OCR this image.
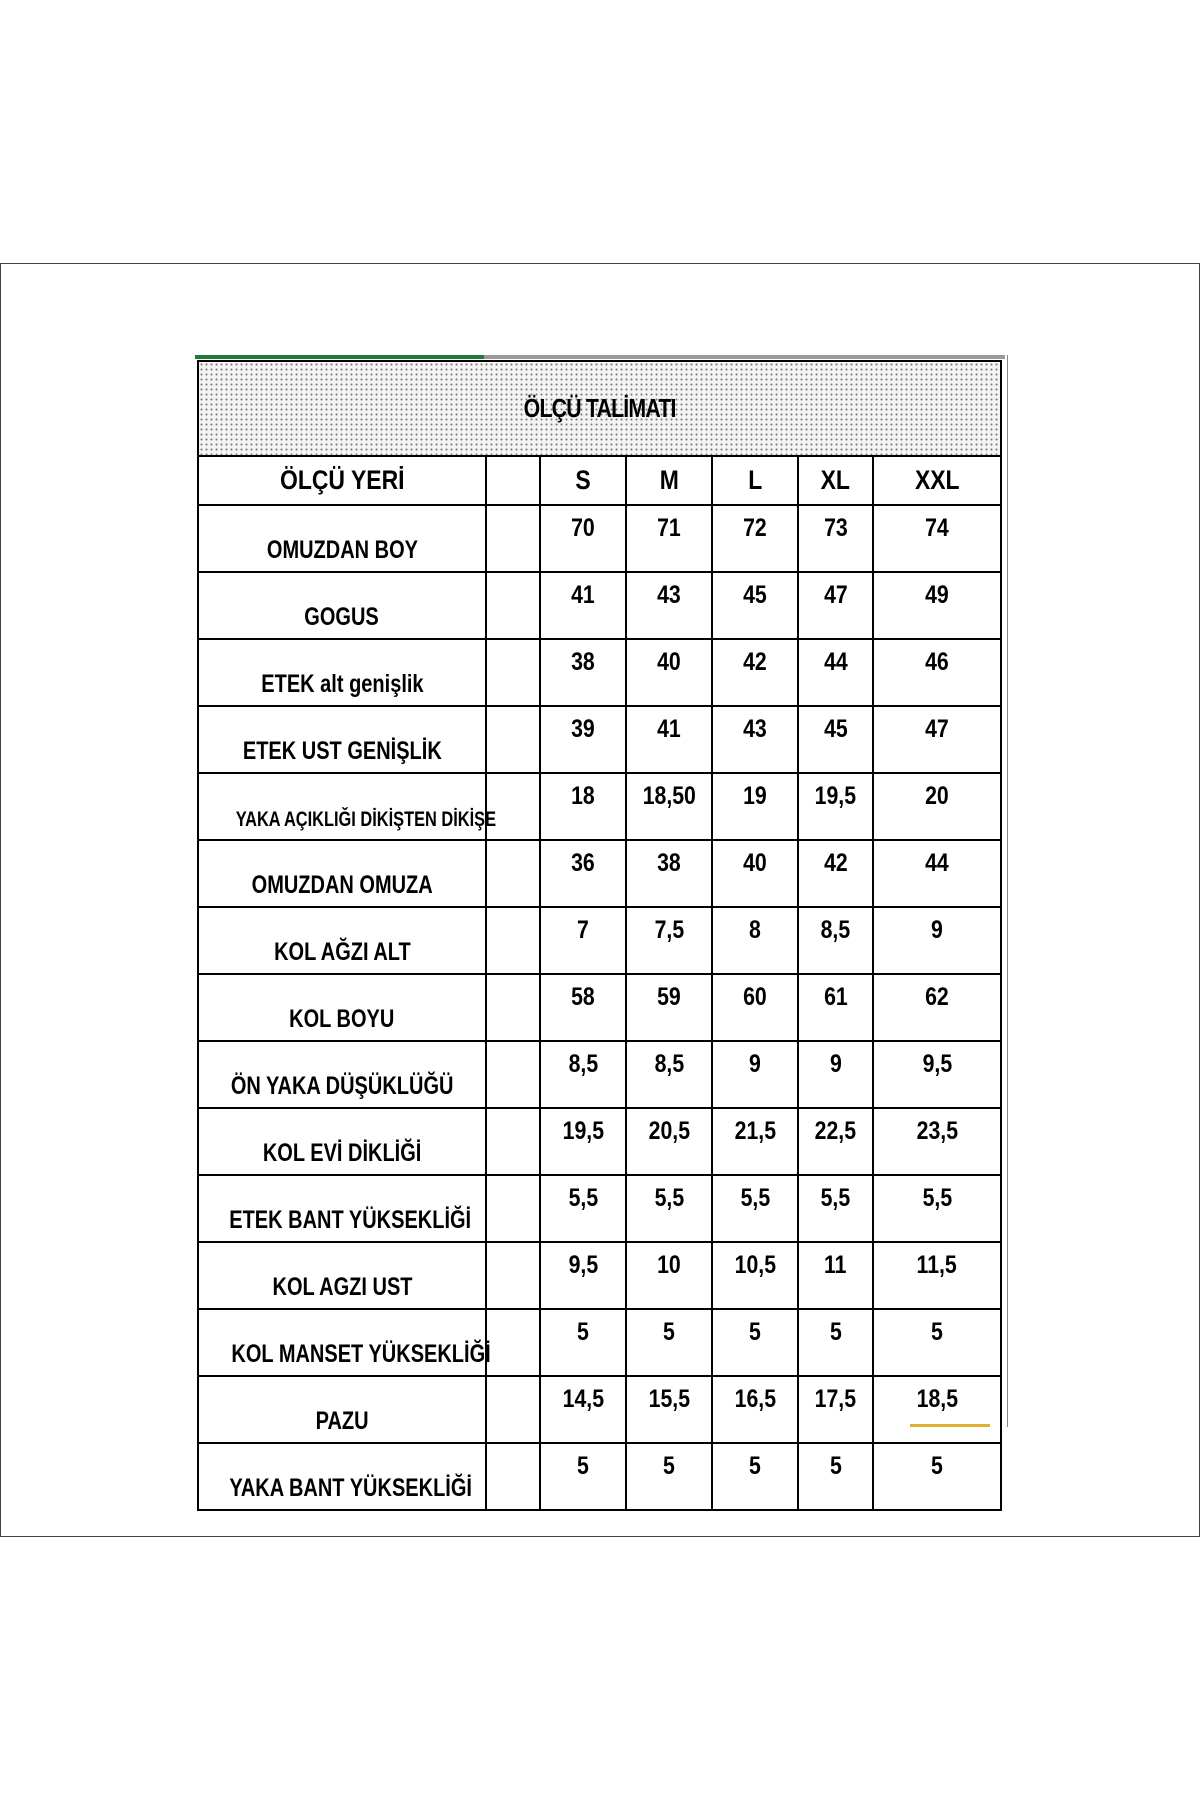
ÖLÇÜ TALİMATI						
ÖLÇÜ YERİ		S	M	L	XL	XXL
OMUZDAN BOY		70	71	72	73	74
GOGUS		41	43	45	47	49
ETEK alt genişlik		38	40	42	44	46
ETEK UST GENİŞLİK		39	41	43	45	47
YAKA AÇIKLIĞI DİKİŞTEN DİKİŞE		18	18,50	19	19,5	20
OMUZDAN OMUZA		36	38	40	42	44
KOL AĞZI ALT		7	7,5	8	8,5	9
KOL BOYU		58	59	60	61	62
ÖN YAKA DÜŞÜKLÜĞÜ		8,5	8,5	9	9	9,5
KOL EVİ DİKLİĞİ		19,5	20,5	21,5	22,5	23,5
ETEK BANT YÜKSEKLİĞİ		5,5	5,5	5,5	5,5	5,5
KOL AGZI UST		9,5	10	10,5	11	11,5
KOL MANSET YÜKSEKLİĞİ		5	5	5	5	5
PAZU		14,5	15,5	16,5	17,5	18,5
YAKA BANT YÜKSEKLİĞİ		5	5	5	5	5
